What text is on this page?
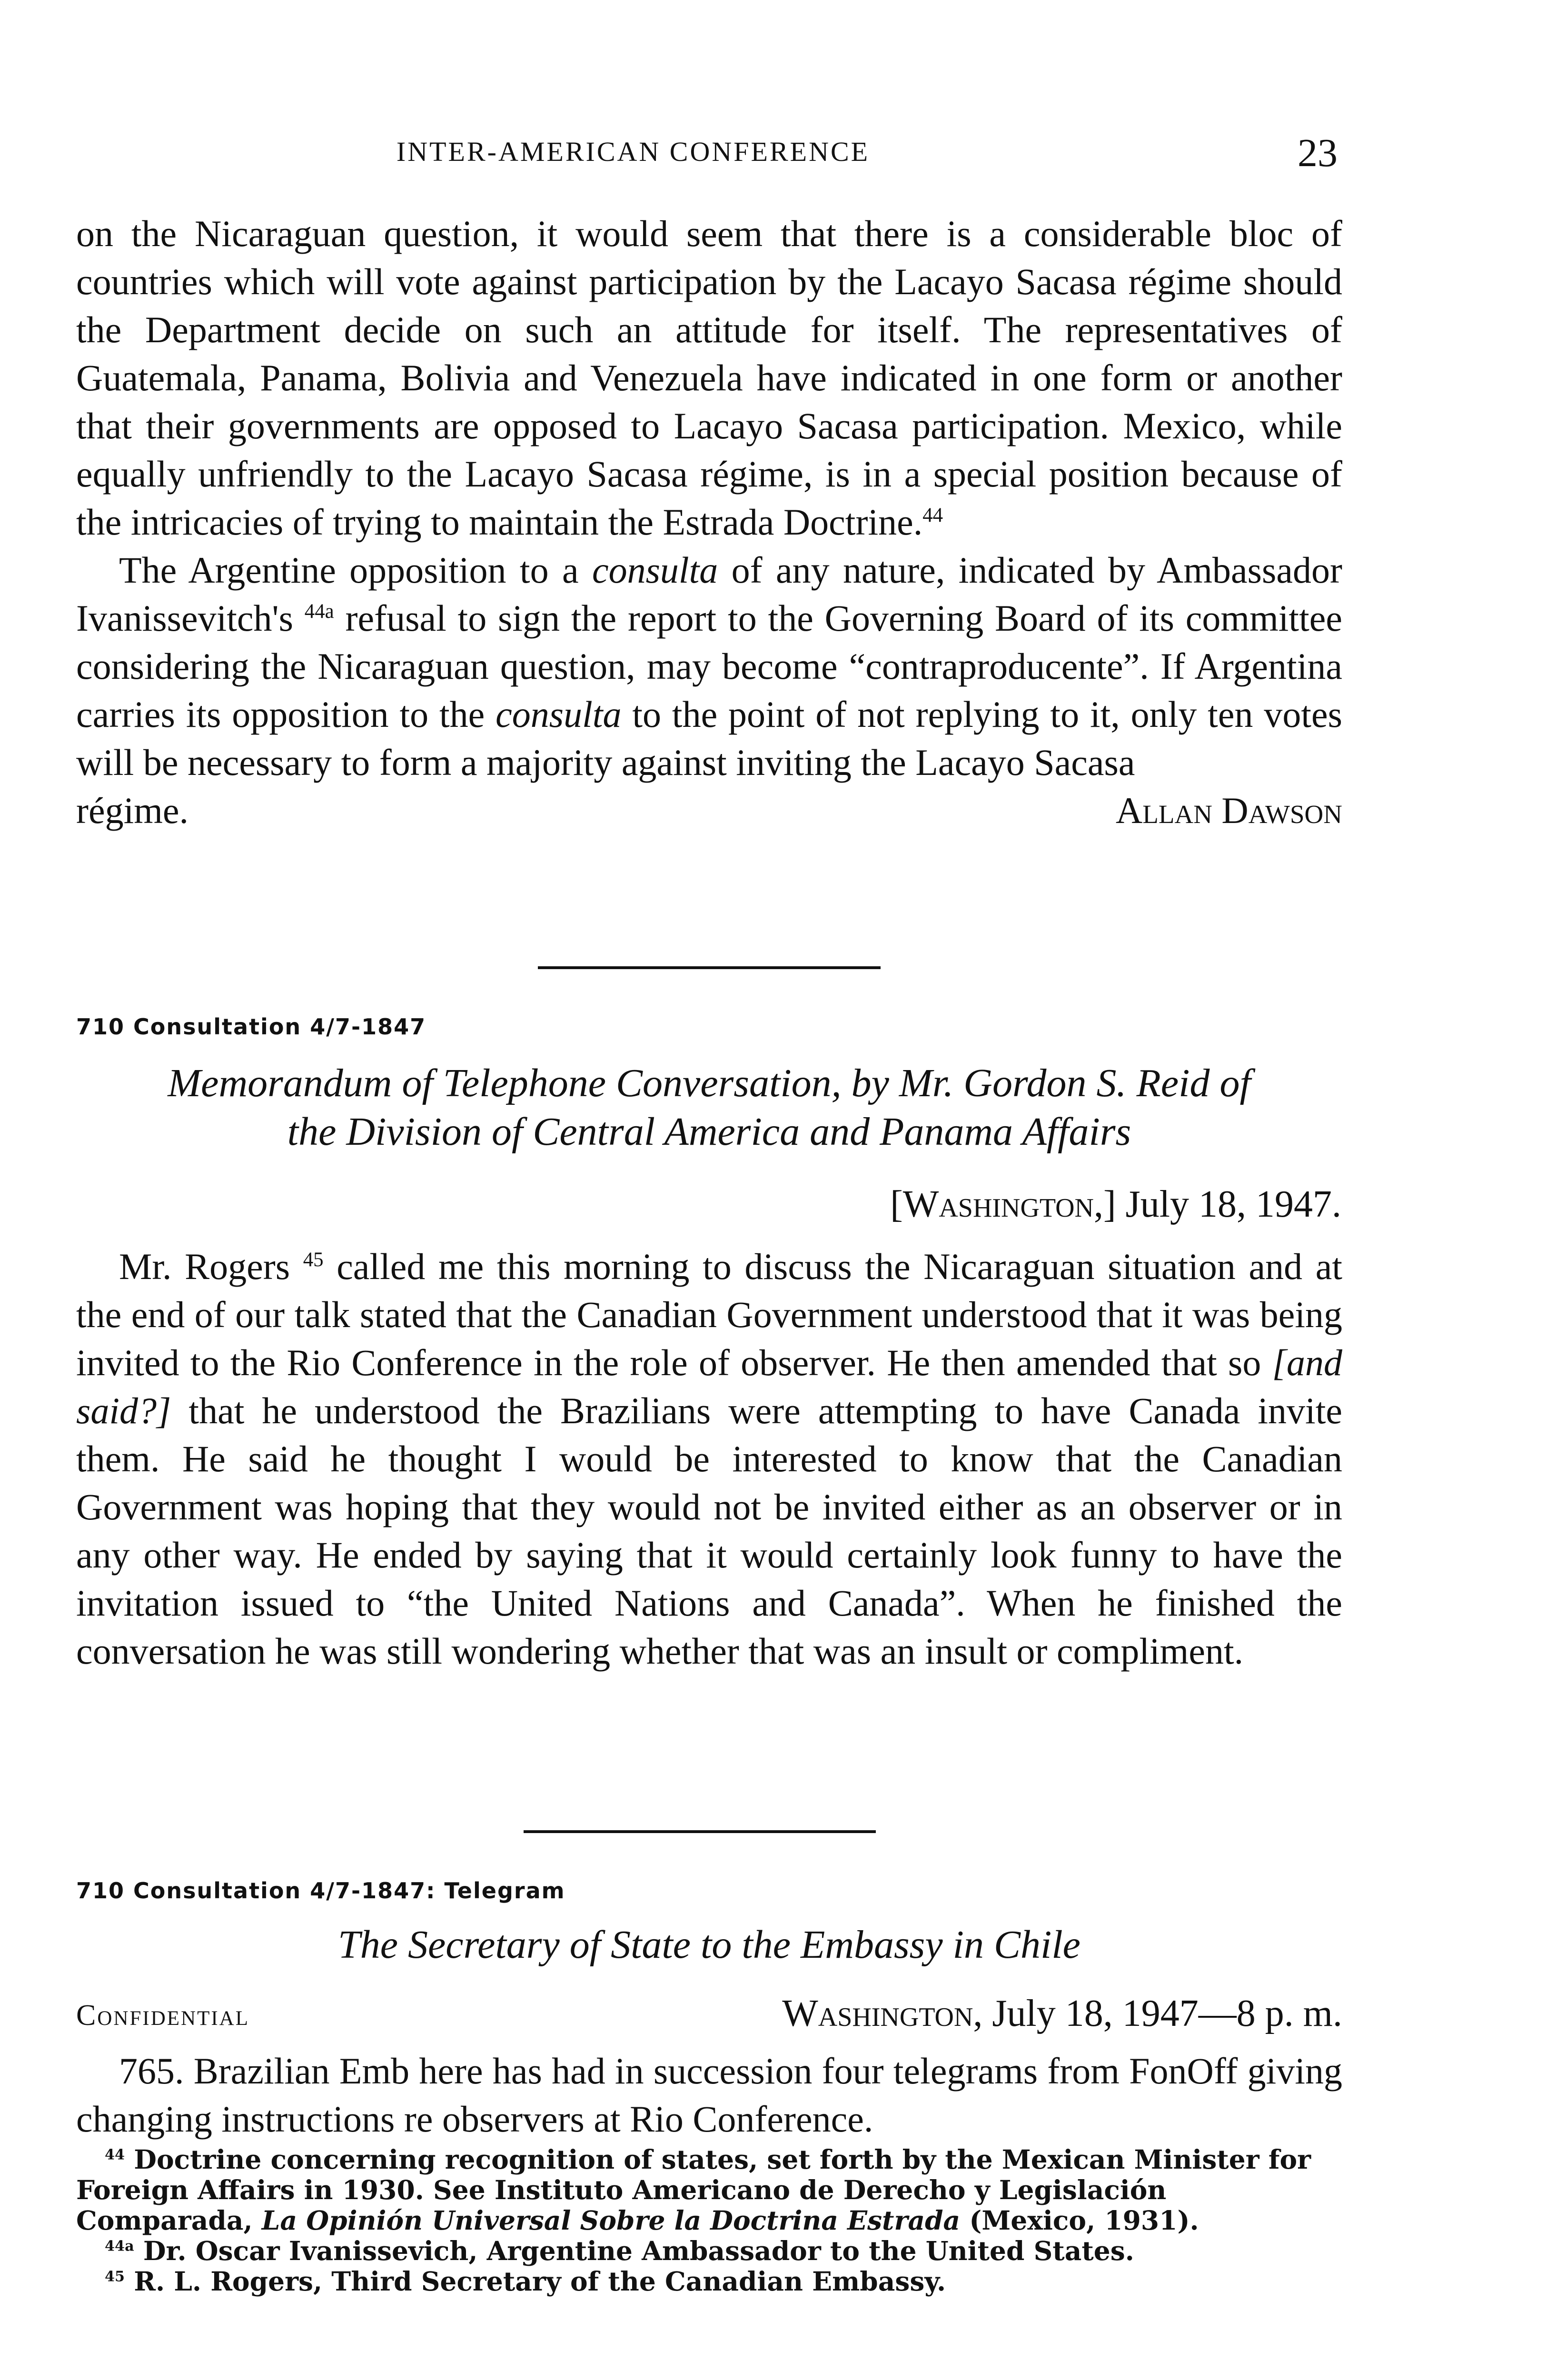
INTER-AMERICAN CONFERENCE	23

on the Nicaraguan question, it would seem that there is a considerable bloc of countries which will vote against participation by the Lacayo Sacasa régime should the Department decide on such an attitude for itself. The representatives of Guatemala, Panama, Bolivia and Venezuela have indicated in one form or another that their governments are opposed to Lacayo Sacasa participation. Mexico, while equally unfriendly to the Lacayo Sacasa régime, is in a special position because of the intricacies of trying to maintain the Estrada Doctrine.$^{44}$

The Argentine opposition to a consulta of any nature, indicated by Ambassador Ivanissevitch's $^{44a}$ refusal to sign the report to the Governing Board of its committee considering the Nicaraguan question, may become “contraproducente”. If Argentina carries its opposition to the consulta to the point of not replying to it, only ten votes will be necessary to form a majority against inviting the Lacayo Sacasa

régime.	Allan Dawson
710 Consultation 4/7-1847
Memorandum of Telephone Conversation, by Mr. Gordon S. Reid of
the Division of Central America and Panama Affairs
[Washington,] July 18, 1947.

Mr. Rogers $^{45}$ called me this morning to discuss the Nicaraguan situation and at the end of our talk stated that the Canadian Government understood that it was being invited to the Rio Conference in the role of observer. He then amended that so [and said?] that he understood the Brazilians were attempting to have Canada invite them. He said he thought I would be interested to know that the Canadian Government was hoping that they would not be invited either as an observer or in any other way. He ended by saying that it would certainly look funny to have the invitation issued to “the United Nations and Canada”. When he finished the conversation he was still wondering whether that was an insult or compliment.

710 Consultation 4/7-1847: Telegram
The Secretary of State to the Embassy in Chile
Confidential	Washington, July 18, 1947—8 p. m.

765. Brazilian Emb here has had in succession four telegrams from FonOff giving changing instructions re observers at Rio Conference.

$^{44}$ Doctrine concerning recognition of states, set forth by the Mexican Minister for Foreign Affairs in 1930. See Instituto Americano de Derecho y Legislación Comparada, La Opinión Universal Sobre la Doctrina Estrada (Mexico, 1931).

$^{44a}$ Dr. Oscar Ivanissevich, Argentine Ambassador to the United States.

$^{45}$ R. L. Rogers, Third Secretary of the Canadian Embassy.
